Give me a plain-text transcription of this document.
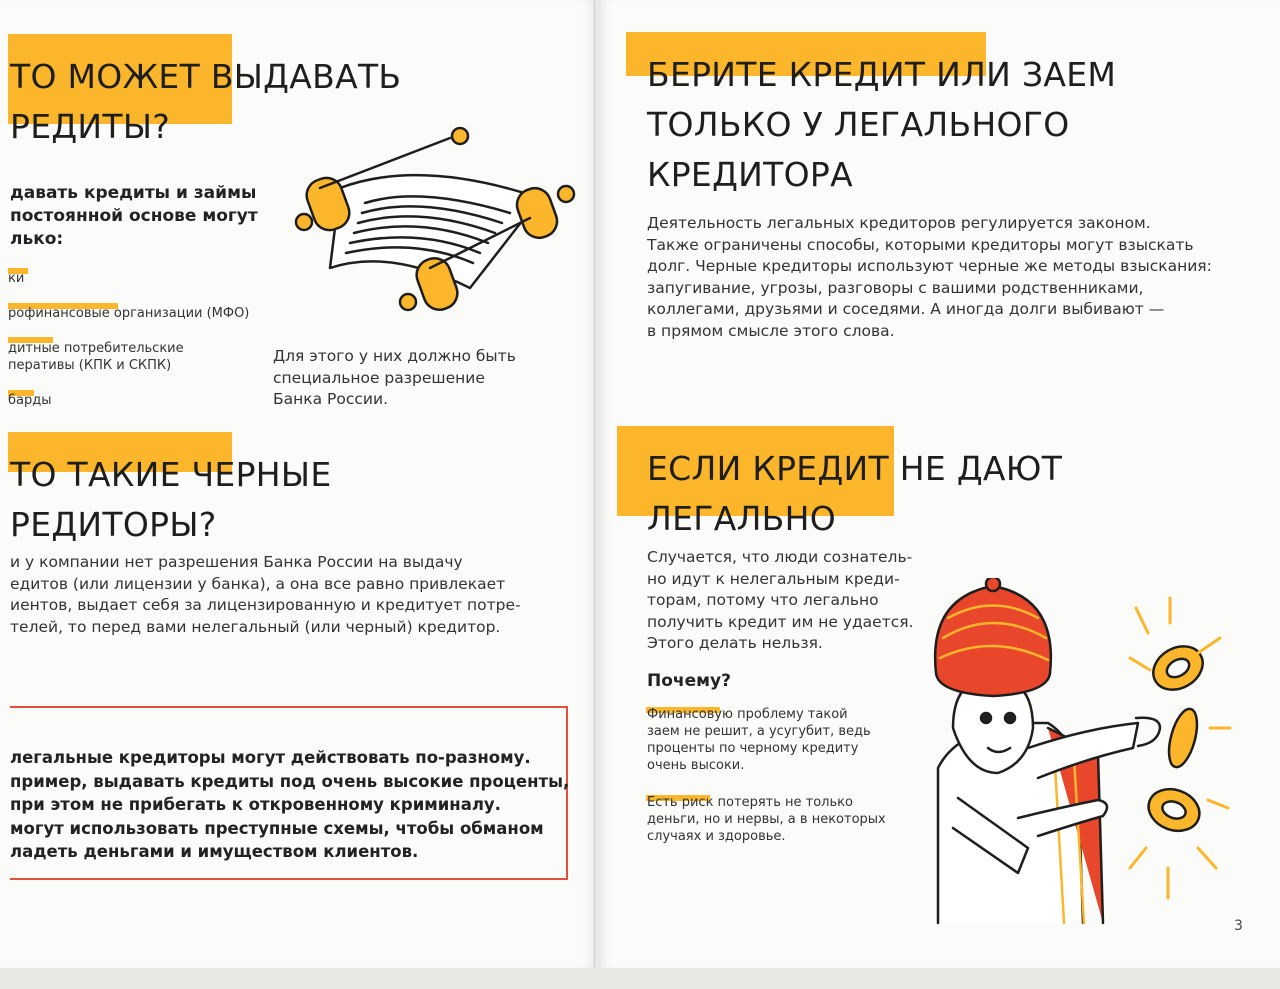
ТО МОЖЕТ ВЫДАВАТЬ
РЕДИТЫ?
давать кредиты и займы
постоянной основе могут
лько:
ки
рофинансовые организации (МФО)
дитные потребительские
перативы (КПК и СКПК)
барды
Для этого у них должно быть
специальное разрешение
Банка России.
ТО ТАКИЕ ЧЕРНЫЕ
РЕДИТОРЫ?
и у компании нет разрешения Банка России на выдачу
едитов (или лицензии у банка), а она все равно привлекает
иентов, выдает себя за лицензированную и кредитует потре-
телей, то перед вами нелегальный (или черный) кредитор.
легальные кредиторы могут действовать по-разному.
пример, выдавать кредиты под очень высокие проценты,
при этом не прибегать к откровенному криминалу.
могут использовать преступные схемы, чтобы обманом
ладеть деньгами и имуществом клиентов.
БЕРИТЕ КРЕДИТ ИЛИ ЗАЕМ
ТОЛЬКО У ЛЕГАЛЬНОГО
КРЕДИТОРА
Деятельность легальных кредиторов регулируется законом.
Также ограничены способы, которыми кредиторы могут взыскать
долг. Черные кредиторы используют черные же методы взыскания:
запугивание, угрозы, разговоры с вашими родственниками,
коллегами, друзьями и соседями. А иногда долги выбивают —
в прямом смысле этого слова.
ЕСЛИ КРЕДИТ НЕ ДАЮТ
ЛЕГАЛЬНО
Случается, что люди сознатель-
но идут к нелегальным креди-
торам, потому что легально
получить кредит им не удается.
Этого делать нельзя.
Почему?
Финансовую проблему такой
заем не решит, а усугубит, ведь
проценты по черному кредиту
очень высоки.
Есть риск потерять не только
деньги, но и нервы, а в некоторых
случаях и здоровье.
3
